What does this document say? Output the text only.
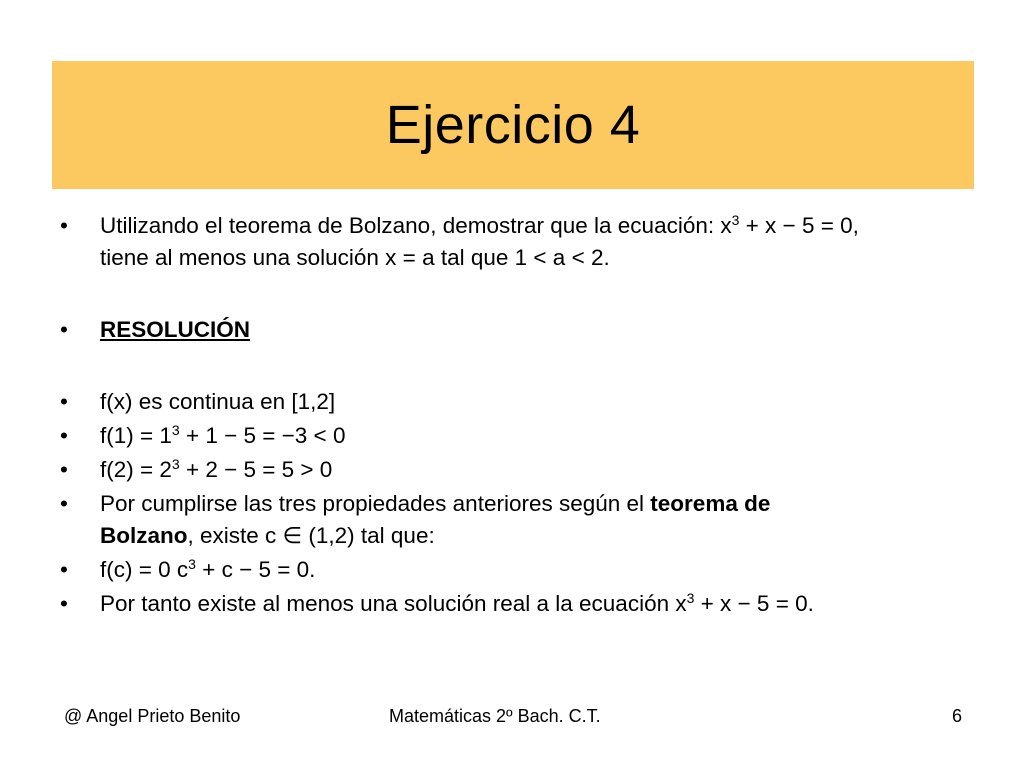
Ejercicio 4

• Utilizando el teorema de Bolzano, demostrar que la ecuación: $x^3 + x - 5 = 0$,
tiene al menos una solución x = a tal que 1 < a < 2.

• RESOLUCIÓN

• f(x) es continua en [1,2]

• $f(1) = 1^3 + 1 - 5 = -3 < 0$

• $f(2) = 2^3 + 2 - 5 = 5 > 0$

• Por cumplirse las tres propiedades anteriores según el teorema de
Bolzano, existe c ∈ (1,2) tal que:

• f(c) = 0 $c^3 + c - 5 = 0$.

• Por tanto existe al menos una solución real a la ecuación $x^3 + x - 5 = 0$.

@ Angel Prieto Benito	Matemáticas 2º Bach. C.T.	6
